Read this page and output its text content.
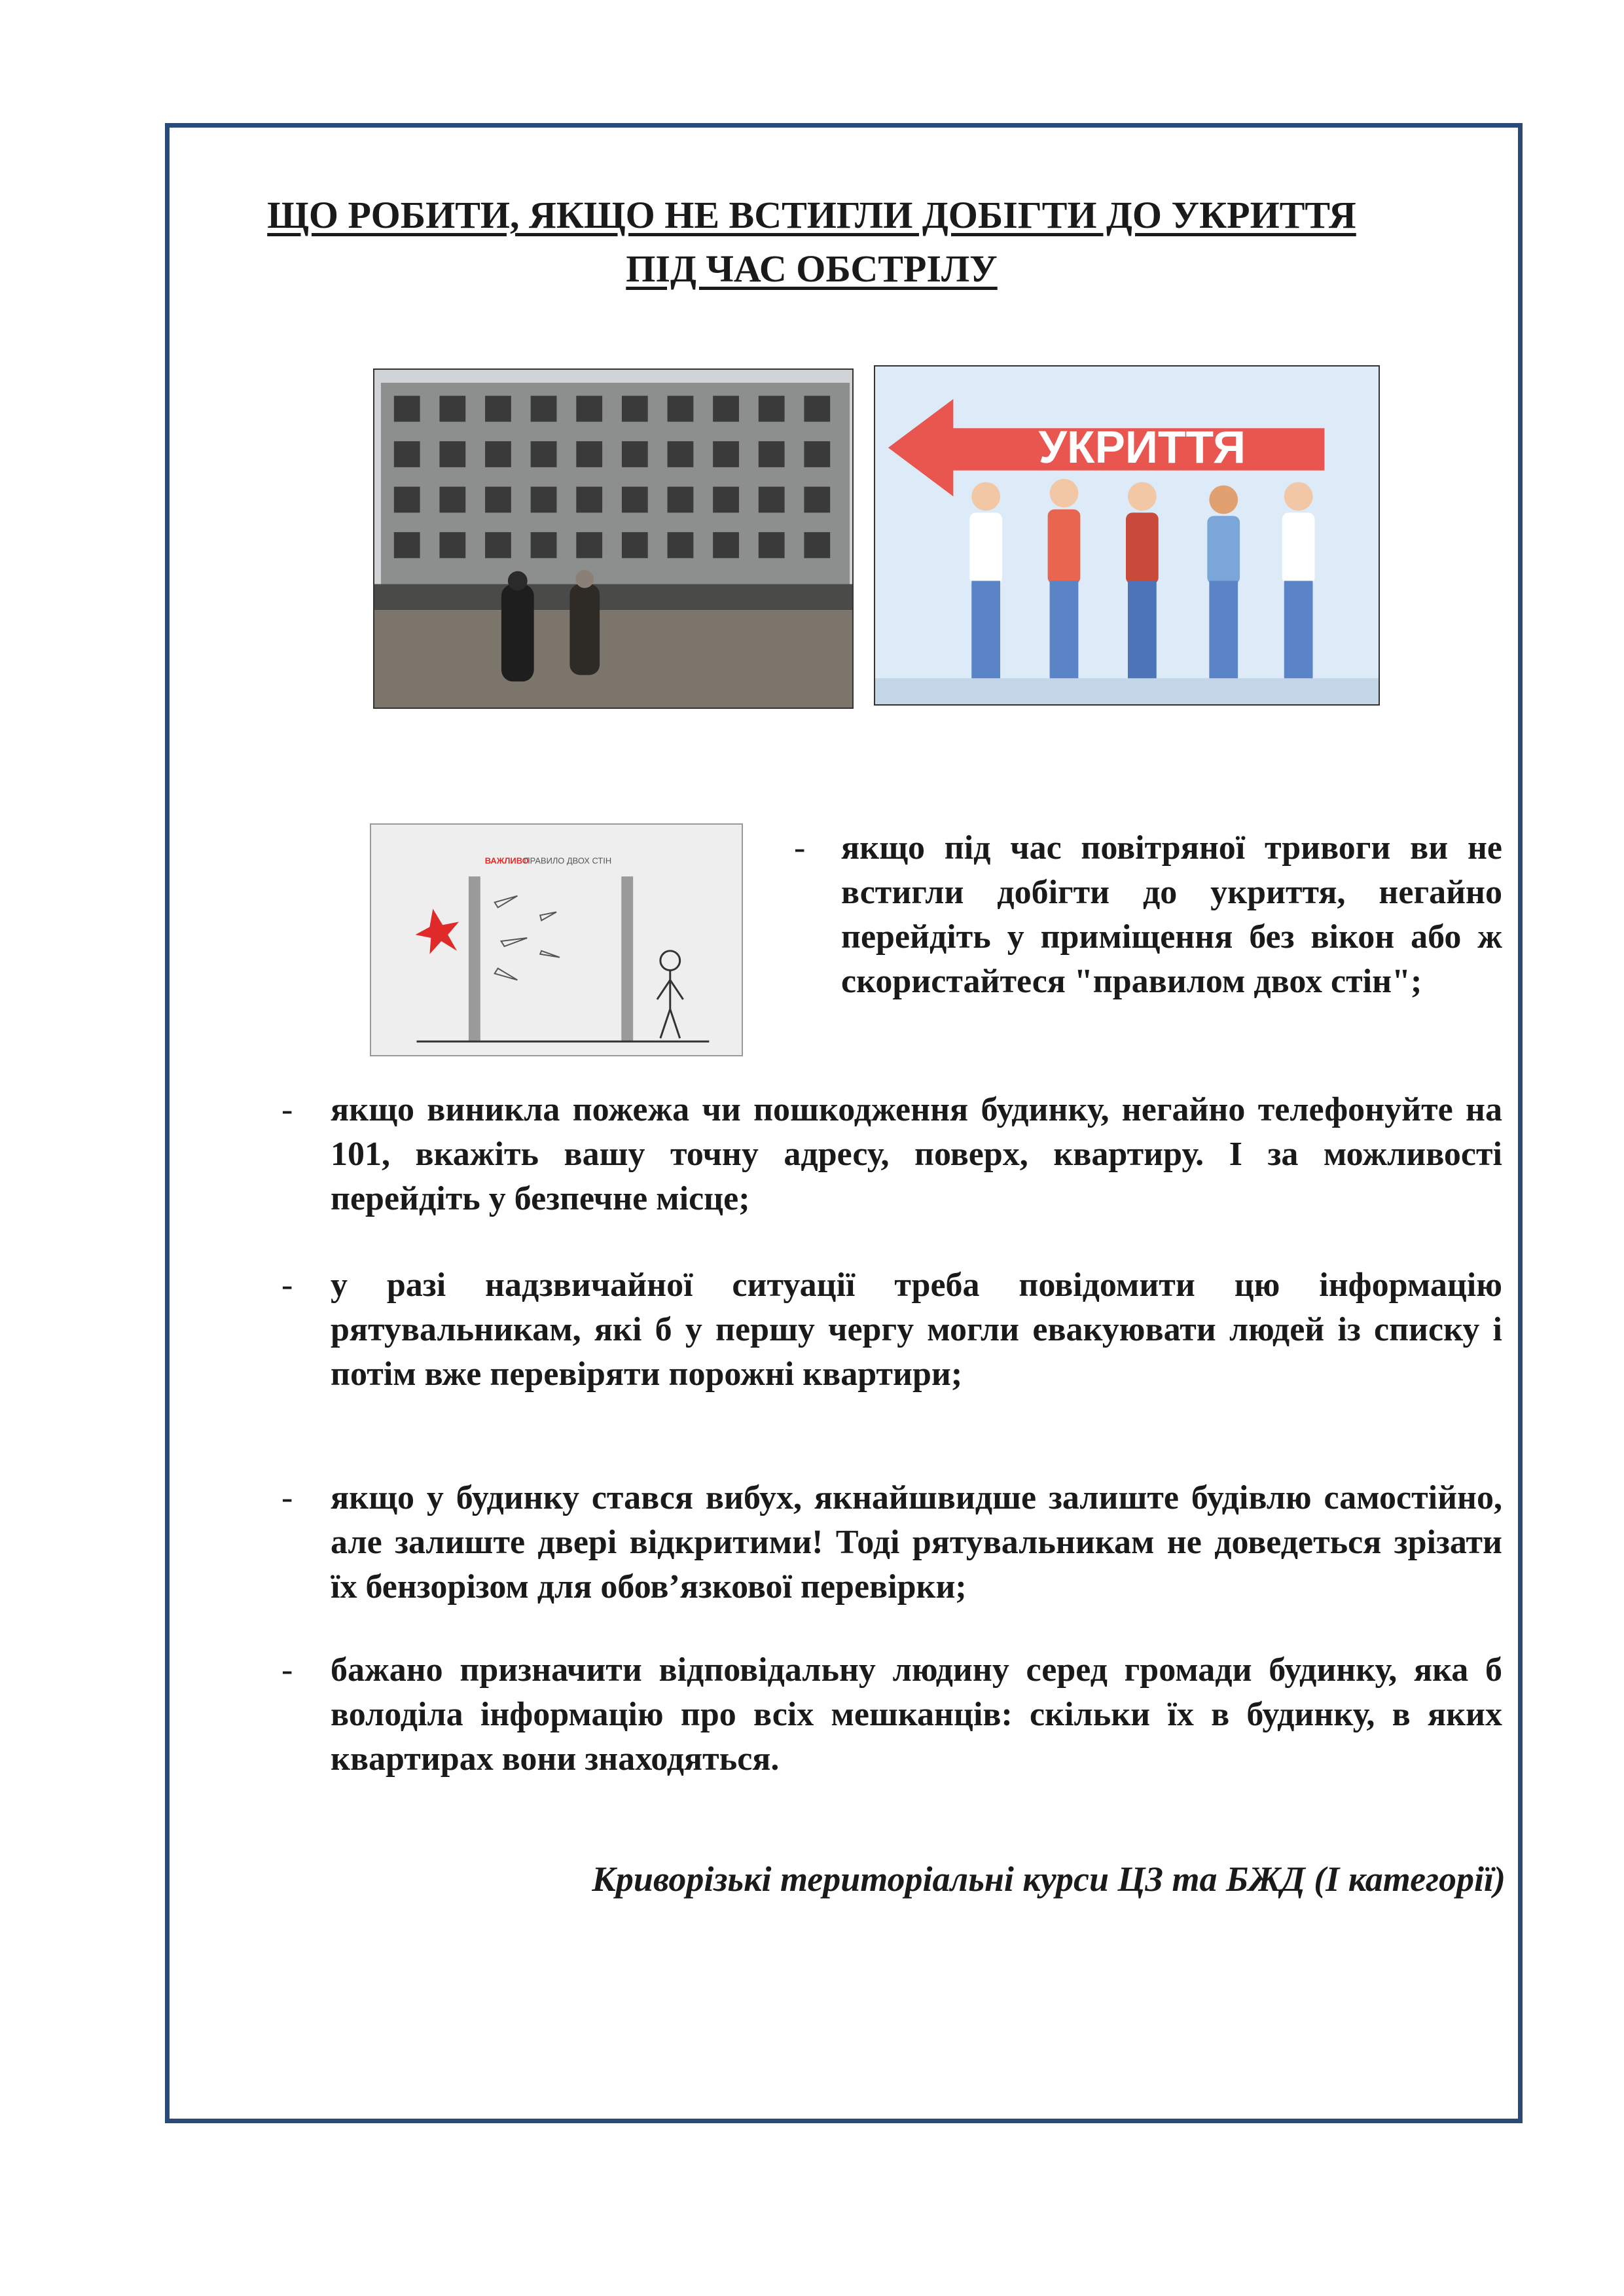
ЩО РОБИТИ, ЯКЩО НЕ ВСТИГЛИ ДОБІГТИ ДО УКРИТТЯ
ПІД ЧАС ОБСТРІЛУ
УКРИТТЯ
ВАЖЛИВО
ПРАВИЛО ДВОХ СТІН	- якщо під час повітряної тривоги ви не встигли добігти до укриття, негайно перейдіть у приміщення без вікон або ж скористайтеся "правилом двох стін";
- якщо виникла пожежа чи пошкодження будинку, негайно телефонуйте на 101, вкажіть вашу точну адресу, поверх, квартиру. І за можливості перейдіть у безпечне місце;
- у разі надзвичайної ситуації треба повідомити цю інформацію рятувальникам, які б у першу чергу могли евакуювати людей із списку і потім вже перевіряти порожні квартири;
- якщо у будинку стався вибух, якнайшвидше залиште будівлю самостійно, але залиште двері відкритими! Тоді рятувальникам не доведеться зрізати їх бензорізом для обов’язкової перевірки;
- бажано призначити відповідальну людину серед громади будинку, яка б володіла інформацію про всіх мешканців: скільки їх в будинку, в яких квартирах вони знаходяться.
Криворізькі територіальні курси ЦЗ та БЖД (І категорії)
